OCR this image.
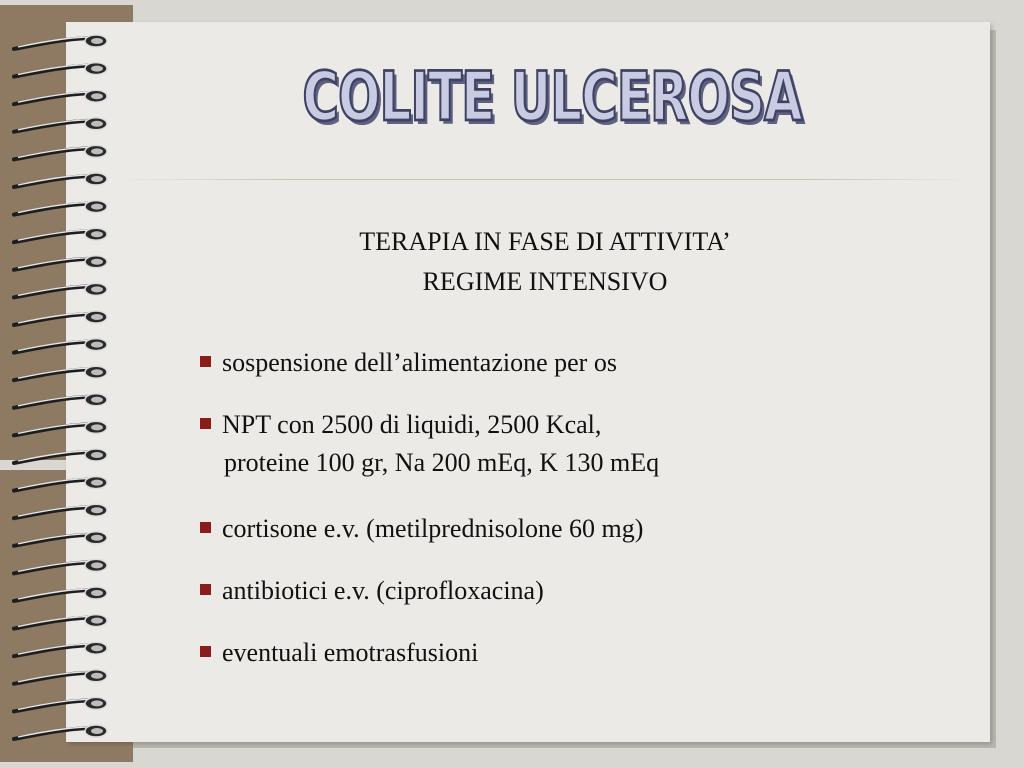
COLITE ULCEROSA
TERAPIA IN FASE DI ATTIVITA’
REGIME INTENSIVO
sospensione dell’alimentazione per os
NPT con 2500 di liquidi, 2500 Kcal,
proteine 100 gr, Na 200 mEq, K 130 mEq
cortisone e.v. (metilprednisolone 60 mg)
antibiotici e.v. (ciprofloxacina)
eventuali emotrasfusioni
